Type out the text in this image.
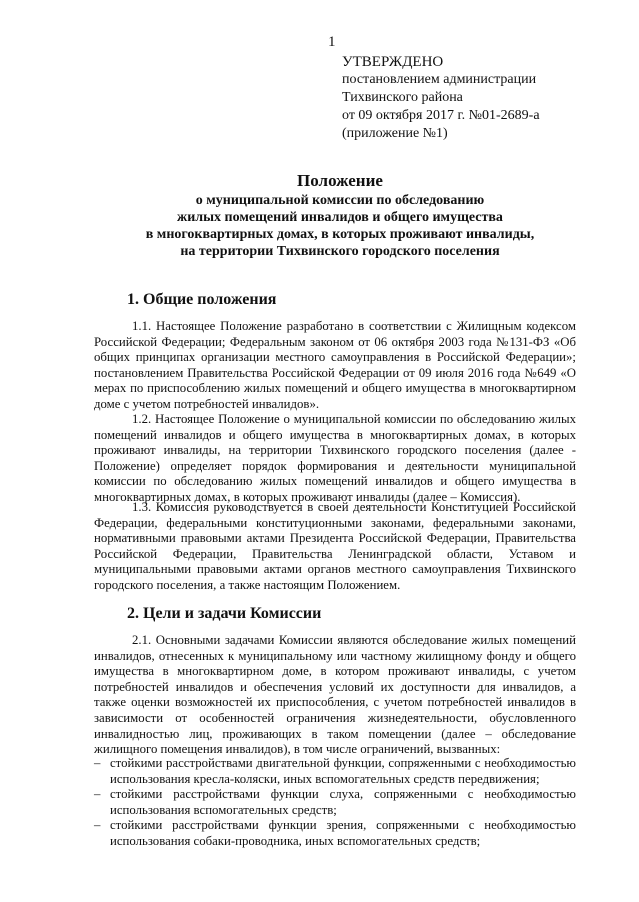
1
УТВЕРЖДЕНО
постановлением администрации
Тихвинского района
от 09 октября 2017 г. №01-2689-а
(приложение №1)
Положение
о муниципальной комиссии по обследованию
жилых помещений инвалидов и общего имущества
в многоквартирных домах, в которых проживают инвалиды,
на территории Тихвинского городского поселения
1. Общие положения

1.1. Настоящее Положение разработано в соответствии с Жилищным кодексом Российской Федерации; Федеральным законом от 06 октября 2003 года №131-ФЗ «Об общих принципах организации местного самоуправления в Российской Федерации»; постановлением Правительства Российской Федерации от 09 июля 2016 года №649 «О мерах по приспособлению жилых помещений и общего имущества в многоквартирном доме с учетом потребностей инвалидов».

1.2. Настоящее Положение о муниципальной комиссии по обследованию жилых помещений инвалидов и общего имущества в многоквартирных домах, в которых проживают инвалиды, на территории Тихвинского городского поселения (далее - Положение) определяет порядок формирования и деятельности муниципальной комиссии по обследованию жилых помещений инвалидов и общего имущества в многоквартирных домах, в которых проживают инвалиды (далее – Комиссия).

1.3. Комиссия руководствуется в своей деятельности Конституцией Российской Федерации, федеральными конституционными законами, федеральными законами, нормативными правовыми актами Президента Российской Федерации, Правительства Российской Федерации, Правительства Ленинградской области, Уставом и муниципальными правовыми актами органов местного самоуправления Тихвинского городского поселения, а также настоящим Положением.

2. Цели и задачи Комиссии

2.1. Основными задачами Комиссии являются обследование жилых помещений инвалидов, отнесенных к муниципальному или частному жилищному фонду и общего имущества в многоквартирном доме, в котором проживают инвалиды, с учетом потребностей инвалидов и обеспечения условий их доступности для инвалидов, а также оценки возможностей их приспособления, с учетом потребностей инвалидов в зависимости от особенностей ограничения жизнедеятельности, обусловленного инвалидностью лиц, проживающих в таком помещении (далее – обследование жилищного помещения инвалидов), в том числе ограничений, вызванных:

– стойкими расстройствами двигательной функции, сопряженными с необходимостью использования кресла-коляски, иных вспомогательных средств передвижения;
– стойкими расстройствами функции слуха, сопряженными с необходимостью использования вспомогательных средств;
– стойкими расстройствами функции зрения, сопряженными с необходимостью использования собаки-проводника, иных вспомогательных средств;
